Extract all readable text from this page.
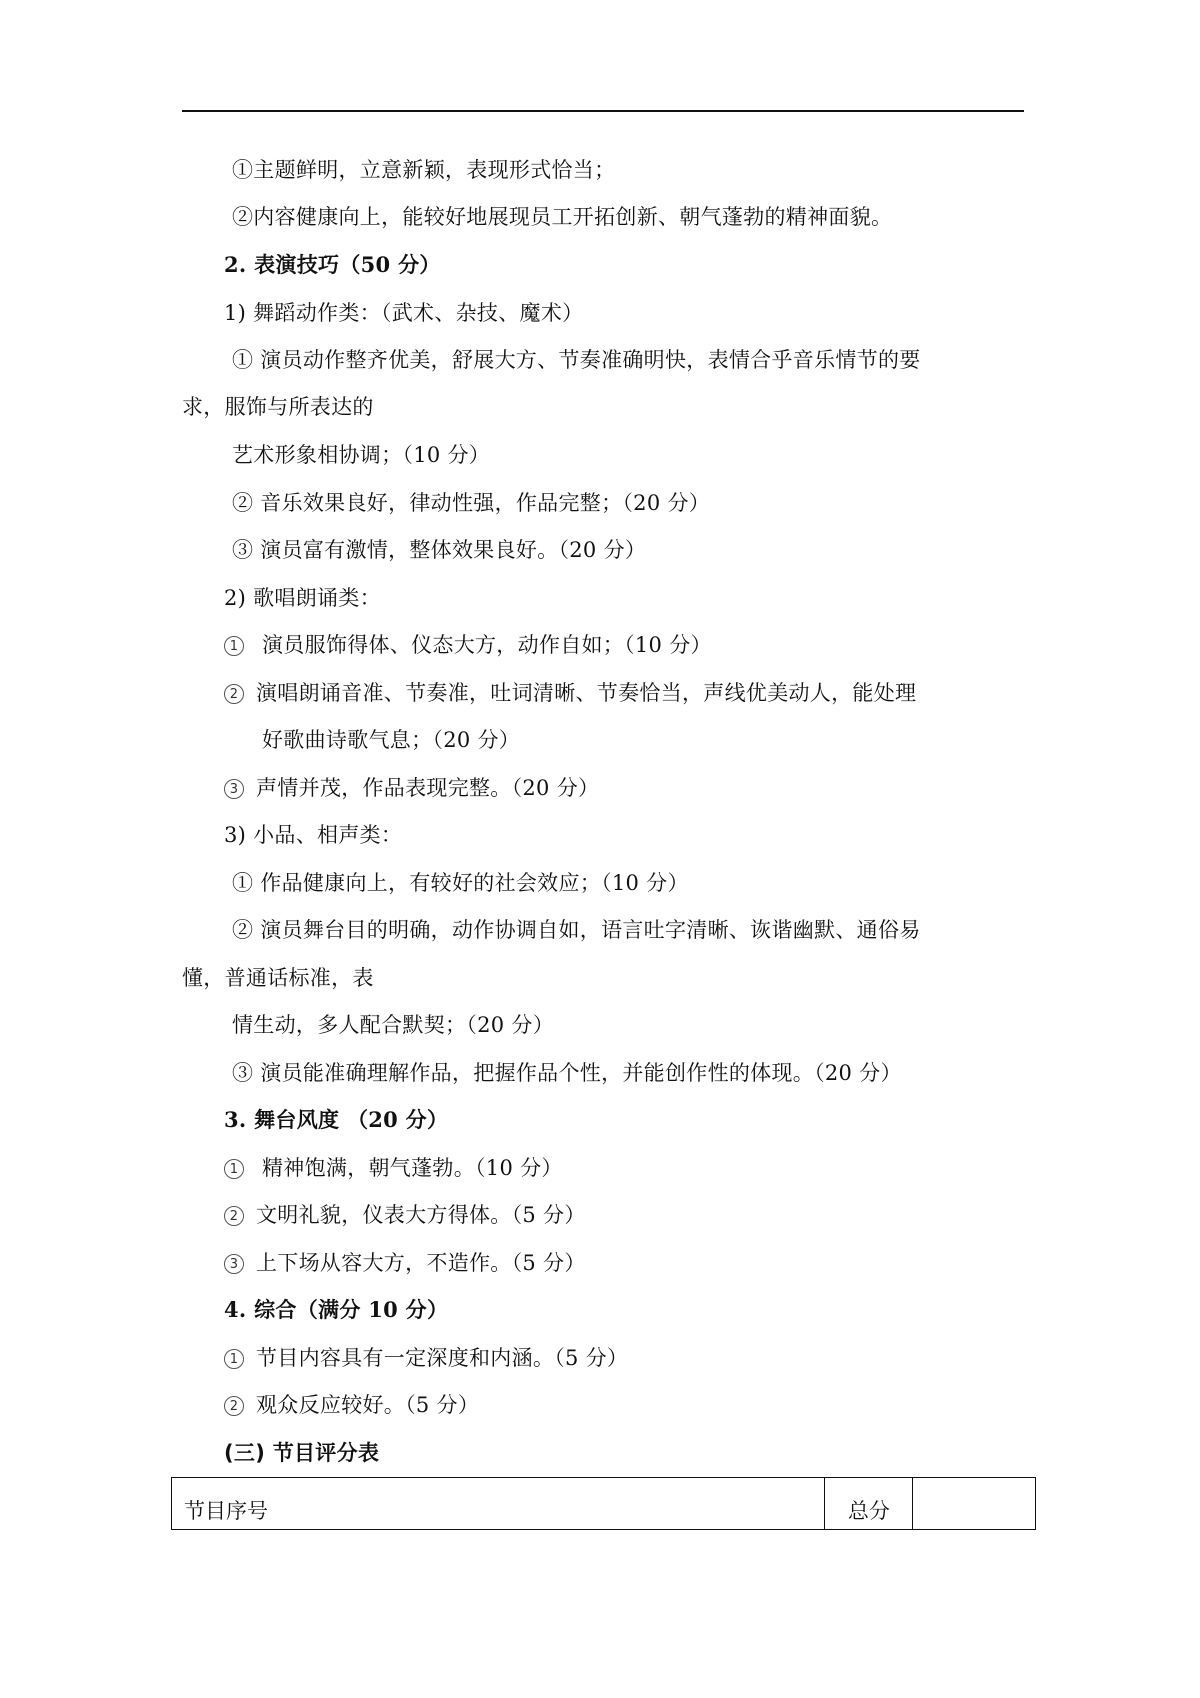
①主题鲜明，立意新颖，表现形式恰当；
②内容健康向上，能较好地展现员工开拓创新、朝气蓬勃的精神面貌。
2. 表演技巧（50 分）
1) 舞蹈动作类：（武术、杂技、魔术）
① 演员动作整齐优美，舒展大方、节奏准确明快，表情合乎音乐情节的要
求，服饰与所表达的
艺术形象相协调；（10 分）
② 音乐效果良好，律动性强，作品完整；（20 分）
③ 演员富有激情，整体效果良好。（20 分）
2) 歌唱朗诵类：
1 演员服饰得体、仪态大方，动作自如；（10 分）
2 演唱朗诵音准、节奏准，吐词清晰、节奏恰当，声线优美动人，能处理
好歌曲诗歌气息；（20 分）
3 声情并茂，作品表现完整。（20 分）
3) 小品、相声类：
① 作品健康向上，有较好的社会效应；（10 分）
② 演员舞台目的明确，动作协调自如，语言吐字清晰、诙谐幽默、通俗易
懂，普通话标准，表
情生动，多人配合默契；（20 分）
③ 演员能准确理解作品，把握作品个性，并能创作性的体现。（20 分）
3. 舞台风度 （20 分）
1 精神饱满，朝气蓬勃。（10 分）
2 文明礼貌，仪表大方得体。（5 分）
3 上下场从容大方，不造作。（5 分）
4. 综合（满分 10 分）
1 节目内容具有一定深度和内涵。（5 分）
2 观众反应较好。（5 分）
(三) 节目评分表
节目序号	总分	
